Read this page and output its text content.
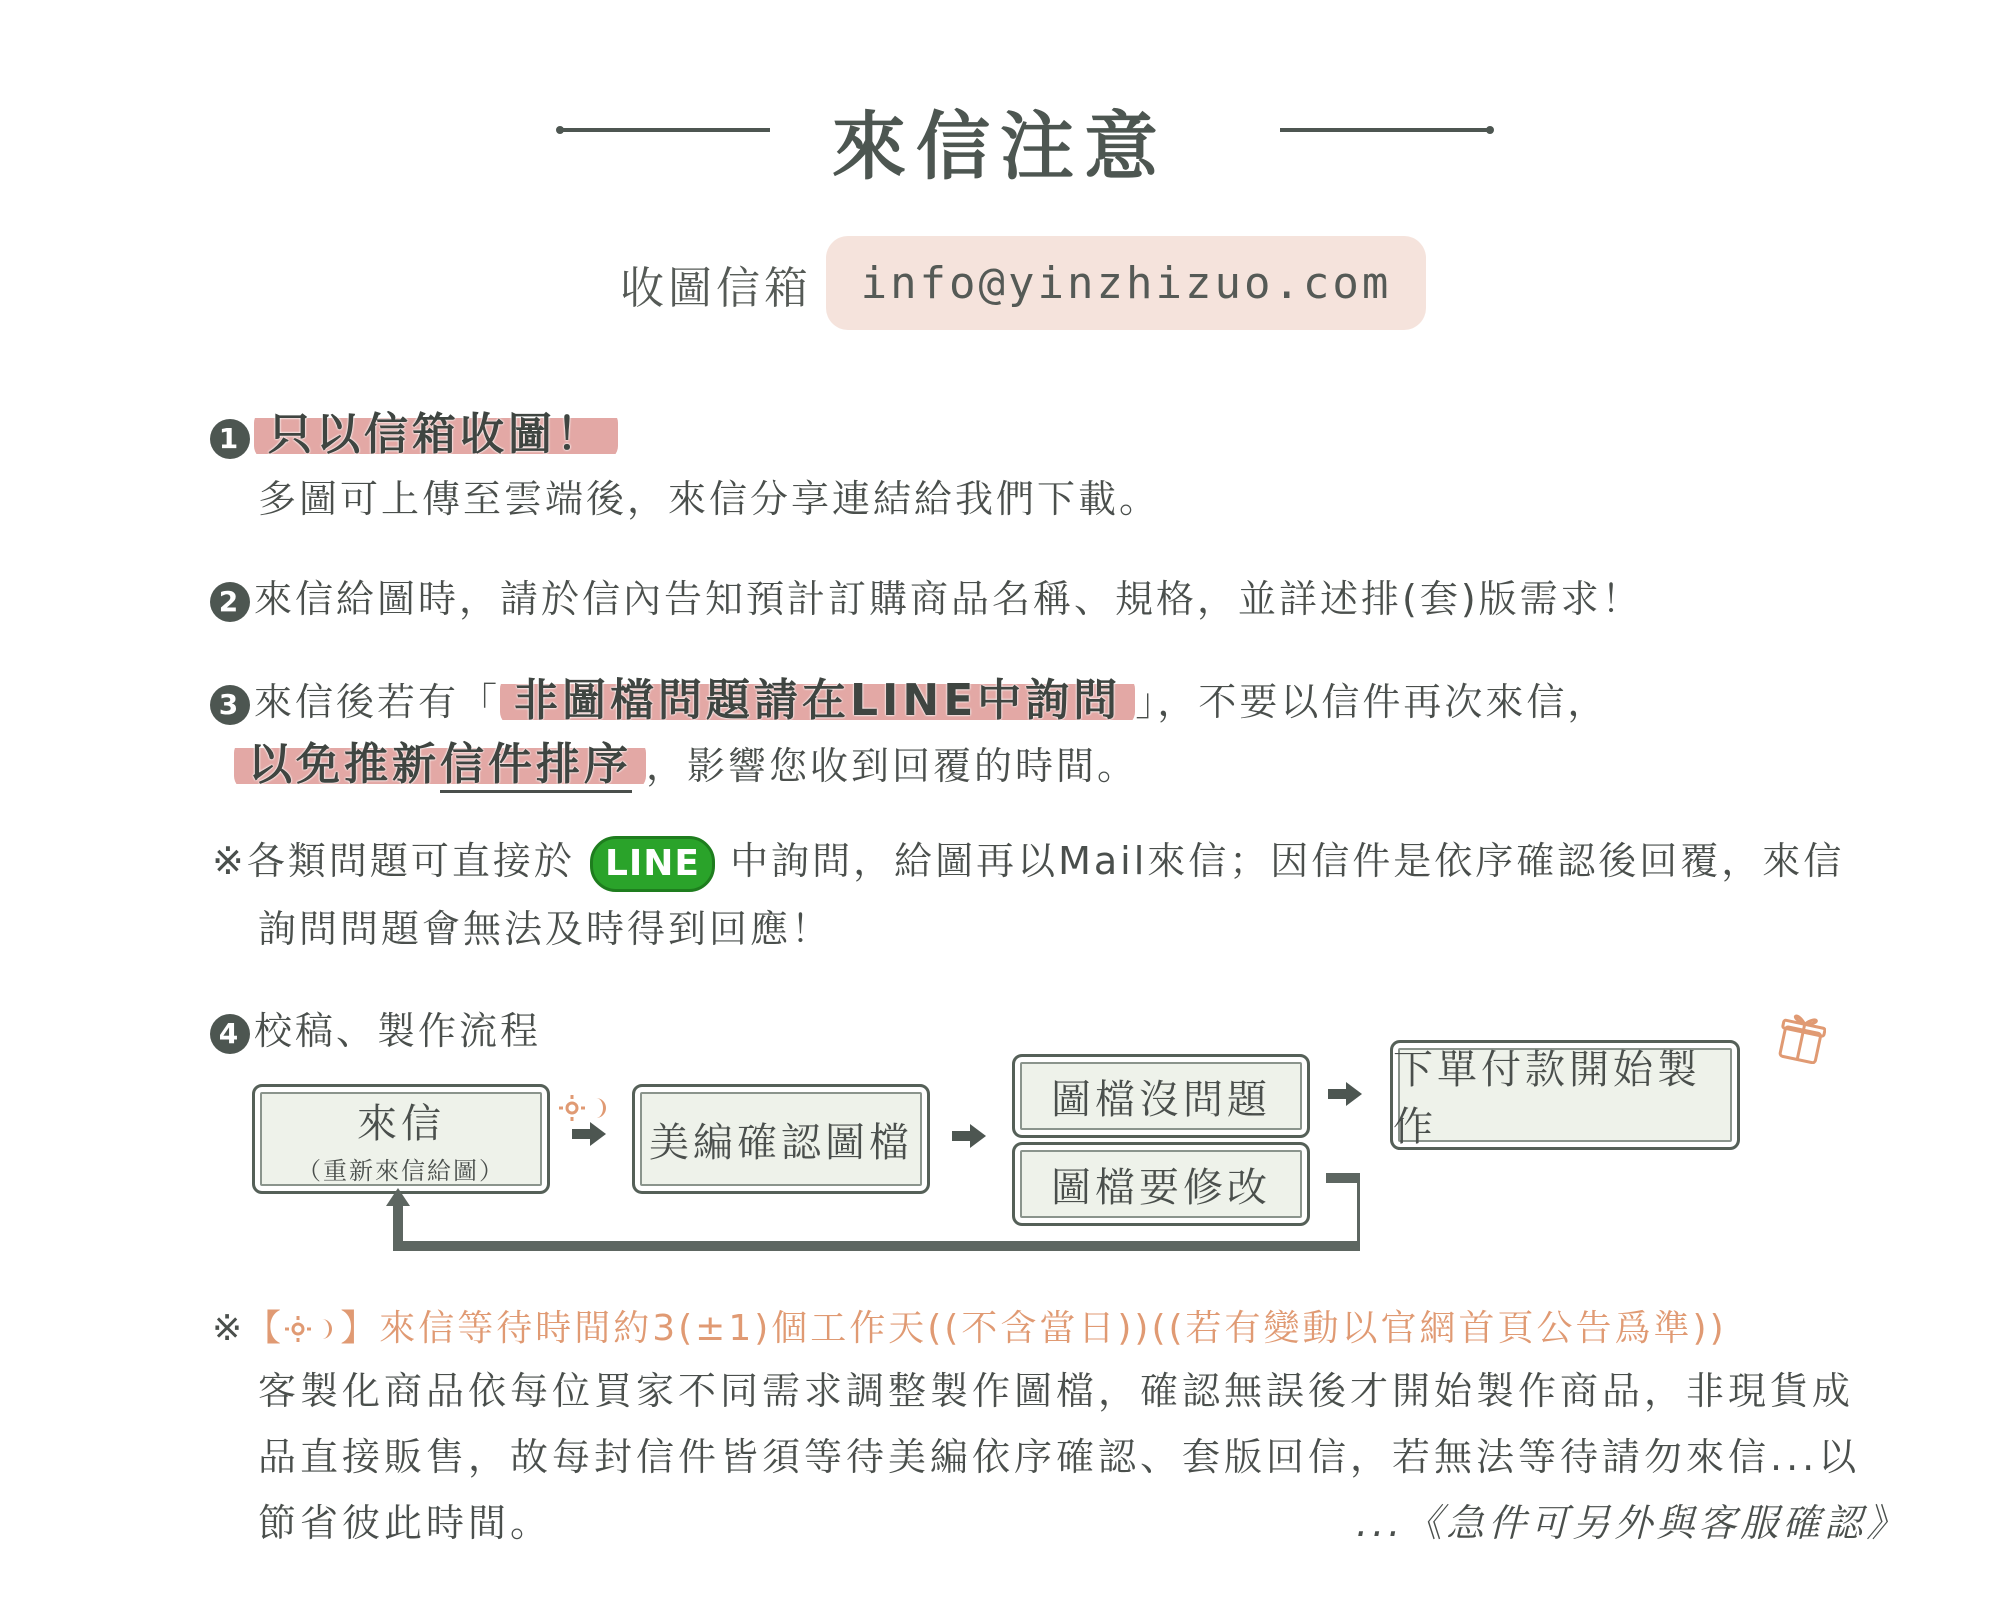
來信注意
收圖信箱 info@yinzhizuo.com
1 只以信箱收圖！
多圖可上傳至雲端後，來信分享連結給我們下載。
2 來信給圖時，請於信內告知預計訂購商品名稱、規格，並詳述排(套)版需求！
3 來信後若有「 非圖檔問題請在LINE中詢問 」，不要以信件再次來信，
以免推新信件排序 ，影響您收到回覆的時間。
※各類問題可直接於 LINE 中詢問，給圖再以Mail來信；因信件是依序確認後回覆，來信
詢問問題會無法及時得到回應！
4 校稿、製作流程
來信
（重新來信給圖）
美編確認圖檔
圖檔沒問題
圖檔要修改
下單付款開始製作
※【 】來信等待時間約3(±1)個工作天((不含當日))((若有變動以官網首頁公告爲準))
客製化商品依每位買家不同需求調整製作圖檔，確認無誤後才開始製作商品，非現貨成
品直接販售，故每封信件皆須等待美編依序確認、套版回信，若無法等待請勿來信...以
節省彼此時間。	...《急件可另外與客服確認》
